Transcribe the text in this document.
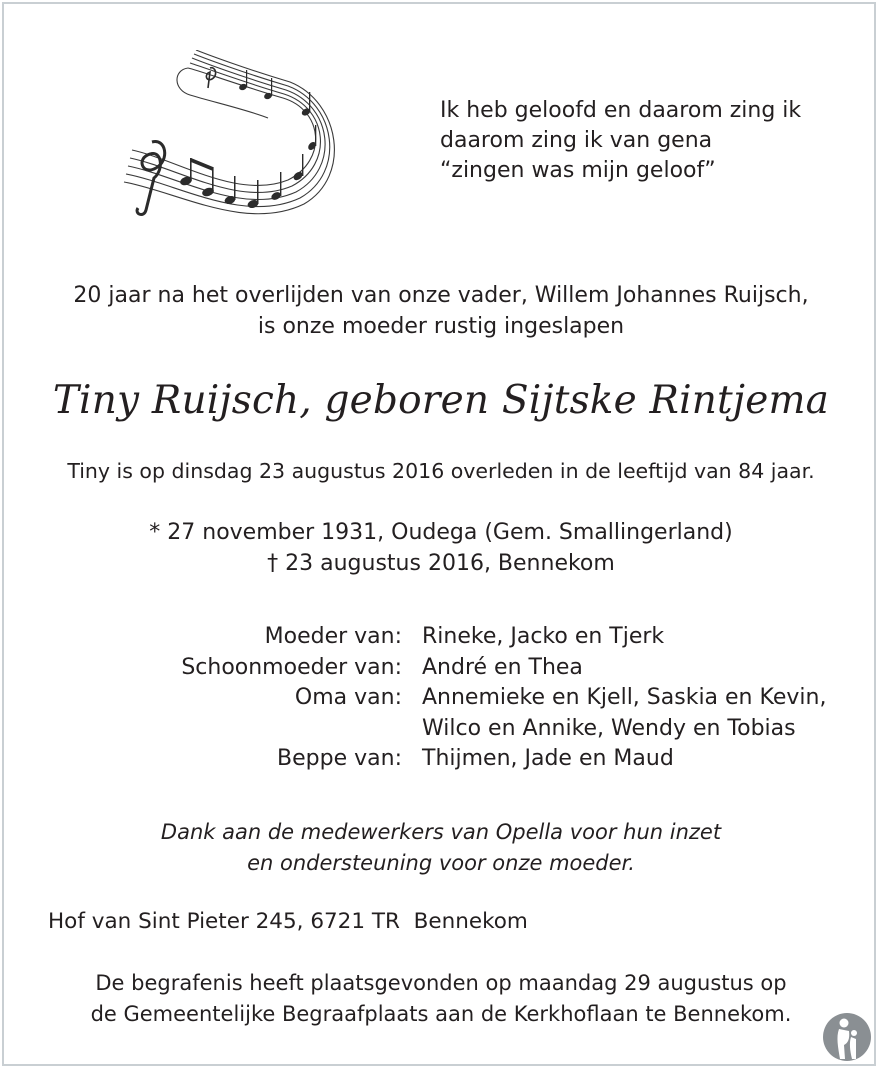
Ik heb geloofd en daarom zing ik
daarom zing ik van gena
“zingen was mijn geloof”
20 jaar na het overlijden van onze vader, Willem Johannes Ruijsch,
is onze moeder rustig ingeslapen
Tiny Ruijsch, geboren Sijtske Rintjema
Tiny is op dinsdag 23 augustus 2016 overleden in de leeftijd van 84 jaar.
* 27 november 1931, Oudega (Gem. Smallingerland)
† 23 augustus 2016, Bennekom
Moeder van: Rineke, Jacko en Tjerk
Schoonmoeder van: André en Thea
Oma van: Annemieke en Kjell, Saskia en Kevin,
Wilco en Annike, Wendy en Tobias
Beppe van: Thijmen, Jade en Maud
Dank aan de medewerkers van Opella voor hun inzet
en ondersteuning voor onze moeder.
Hof van Sint Pieter 245, 6721 TR  Bennekom
De begrafenis heeft plaatsgevonden op maandag 29 augustus op
de Gemeentelijke Begraafplaats aan de Kerkhoflaan te Bennekom.
